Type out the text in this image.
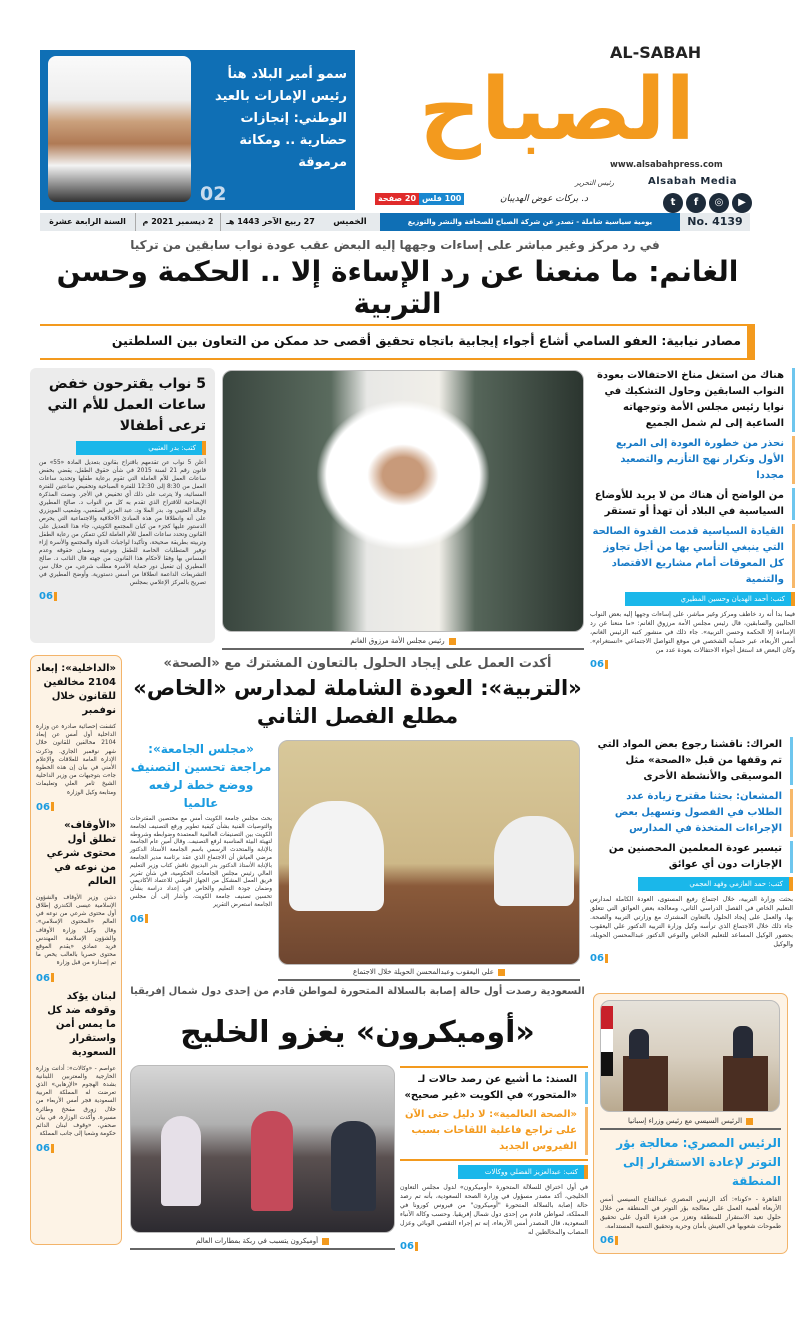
سمو أمير البلاد هنأ رئيس الإمارات بالعيد الوطني: إنجازات حضارية .. ومكانة مرموقة
02
AL-SABAH
الصباح
www.alsabahpress.com
Alsabah Media
▶◎ft
رئيس التحرير
د. بركات عوض الهديبان
20 صفحة 100 فلس
No. 4139
يومية سياسية شاملة - تصدر عن شركة الصباح للصحافة والنشر والتوزيع
الخميس
27 ربيع الآخر 1443 هـ
2 ديسمبر 2021 م
السنة الرابعة عشرة
في رد مركز وغير مباشر على إساءات وجهها إليه البعض عقب عودة نواب سابقين من تركيا
الغانم: ما منعنا عن رد الإساءة إلا .. الحكمة وحسن التربية
مصادر نيابية: العفو السامي أشاع أجواء إيجابية باتجاه تحقيق أقصى حد ممكن من التعاون بين السلطتين
هناك من استغل مناخ الاحتفالات بعودة النواب السابقين وحاول التشكيك في نوايا رئيس مجلس الأمة وتوجهاته الساعية إلى لم شمل الجميع
نحذر من خطورة العودة إلى المربع الأول وتكرار نهج التأزيم والتصعيد مجددا
من الواضح أن هناك من لا يريد للأوضاع السياسية في البلاد أن تهدأ أو تستقر
القيادة السياسية قدمت القدوة الصالحة التي ينبغي التأسي بها من أجل تجاوز كل المعوقات أمام مشاريع الاقتصاد والتنمية
كتب: أحمد الهديان وحسين المطيري
فيما بدا أنه رد خاطف ومركز وغير مباشر، على إساءات وجهها إليه بعض النواب الحاليين والسابقين، قال رئيس مجلس الأمة مرزوق الغانم: «ما منعنا عن رد الإساءة إلا الحكمة وحسن التربية». جاء ذلك في منشور كتبه الرئيس الغانم، أمس الأربعاء، عبر حسابه الشخصي في موقع التواصل الاجتماعي «انستغرام». وكان البعض قد استغل أجواء الاحتفالات بعودة عدد من
06
رئيس مجلس الأمة مرزوق الغانم
5 نواب يقترحون خفض ساعات العمل للأم التي ترعى أطفالا
كتب: بدر العتيبي
أعلن 5 نواب عن تقدمهم باقتراح بقانون بتعديل المادة «55» من قانون رقم 21 لسنة 2015 في شأن حقوق الطفل، يقضي بخفض ساعات العمل للأم العاملة التي تقوم برعاية طفلها وتحديد ساعات العمل من 8:30 إلى 12:30 للفترة الصباحية وتخفيض ساعتين للفترة المسائية، ولا يترتب على ذلك أي تخفيض في الأجر. ونصت المذكرة الإيضاحية للاقتراح الذي تقدم به كل من النواب د. صالح المطيري وخالد العتيبي ود. بدر الملا ود. عبد العزيز الصقعبي، وشعيب المويزري على أنه وانطلاقا من هذه المبادئ الأخلاقية والاجتماعية التي يحرص الدستور عليها كجزء من كيان المجتمع الكويتي، جاء هذا التعديل على القانون وتحدد ساعات العمل للأم العاملة لكي تتمكن من رعاية الطفل وتربيته بطريقة صحيحة، وتأكيدا لواجبات الدولة والمجتمع والأسرة إزاء توفير المتطلبات الخاصة للطفل ونوعيته وضمان حقوقه وعدم المساس بها وفقا لأحكام هذا القانون. من جهته قال النائب د. صالح المطيري إن تفعيل دور حماية الأسرة مطلب شرعي، من خلال سن التشريعات الداعمة انطلاقا من أسس دستورية. وأوضح المطيري في تصريح بالمركز الإعلامي بمجلس
06
أكدت العمل على إيجاد الحلول بالتعاون المشترك مع «الصحة»
«التربية»: العودة الشاملة لمدارس «الخاص» مطلع الفصل الثاني
العراك: ناقشنا رجوع بعض المواد التي تم وقفها من قبل «الصحة» مثل الموسيقى والأنشطة الأخرى
المشعان: بحثنا مقترح زيادة عدد الطلاب في الفصول وتسهيل بعض الإجراءات المتخذة في المدارس
تيسير عودة المعلمين المحصنين من الإجازات دون أي عوائق
كتب: حمد العازمي وفهد العجمي
بحثت وزارة التربية، خلال اجتماع رفيع المستوى، العودة الكاملة لمدارس التعليم الخاص في الفصل الدراسي الثاني، ومعالجة بعض العوائق التي تتعلق بها، والعمل على إيجاد الحلول بالتعاون المشترك مع وزارتي التربية والصحة. جاء ذلك خلال الاجتماع الذي ترأسه وكيل وزارة التربية الدكتور علي اليعقوب بحضور الوكيل المساعد للتعليم الخاص والنوعي الدكتور عبدالمحسن الحويلة، والوكيل
06
علي اليعقوب وعبدالمحسن الحويلة خلال الاجتماع
«مجلس الجامعة»: مراجعة تحسين التصنيف ووضع خطة لرفعه عالميا
بحث مجلس جامعة الكويت أمس مع مختصين المقترحات والتوصيات الفنية بشأن كيفية تطوير ورفع التصنيف لجامعة الكويت بين التصنيفات العالمية المعتمدة وضوابطه وشروطه لتهيئة البيئة المناسبة لرفع التصنيف. وقال أمين عام الجامعة بالإنابة والمتحدث الرسمي باسم الجامعة الأستاذ الدكتور مرضي العياش أن الاجتماع الذي عقد برئاسة مدير الجامعة بالإنابة الأستاذ الدكتور بدر البديوي ناقش كتاب وزير التعليم العالي رئيس مجلس الجامعات الحكومية، في شأن تقرير فريق العمل المشكل من الجهاز الوطني للاعتماد الأكاديمي وضمان جودة التعليم والخاص في إعداد دراسة بشأن تحسين تصنيف جامعة الكويت. وأشار إلى أن مجلس الجامعة استعرض التقرير
06
«الداخلية»: إبعاد 2104 مخالفين للقانون خلال نوفمبر
كشفت إحصائية صادرة عن وزارة الداخلية أول أمس عن إبعاد 2104 مخالفين للقانون خلال شهر نوفمبر الجاري. وذكرت الإدارة العامة للعلاقات والإعلام الأمني في بيان إن هذه الخطوة جاءت بتوجيهات من وزير الداخلية الشيخ ثامر العلي وتعليمات ومتابعة وكيل الوزارة
06
«الأوقاف» تطلق أول محتوى شرعي من نوعه في العالم
دشن وزير الأوقاف والشؤون الإسلامية عيسى الكندري إطلاق أول محتوى شرعي من نوعه في العالم «المحتوى الإسلامي». وقال وكيل وزارة الأوقاف والشؤون الإسلامية المهندس فريد عمادي «يقدم الموقع محتوى حصريا بالغالب يخص ما تم إصداره من قبل وزارة
06
لبنان يؤكد وقوفه ضد كل ما يمس أمن واستقرار السعودية
عواصم - «وكالات»: أدانت وزارة الخارجية والمغتربين اللبنانية بشدة الهجوم «الإرهابي» الذي تعرضت له المملكة العربية السعودية فجر أمس الأربعاء من خلال زورق مفخخ وطائرة مسيرة. وأكدت الوزارة، في بيان صحفي، «وقوف لبنان الدائم حكومة وشعبا إلى جانب المملكة
06
السعودية رصدت أول حالة إصابة بالسلالة المتحورة لمواطن قادم من إحدى دول شمال إفريقيا
«أوميكرون» يغزو الخليج
أوميكرون يتسبب في ربكة بمطارات العالم
السند: ما أشيع عن رصد حالات لـ «المتحور» في الكويت «غير صحيح»
«الصحة العالمية»: لا دليل حتى الآن على تراجع فاعلية اللقاحات بسبب الفيروس الجديد
كتب: عبدالعزيز الفضلي ووكالات
في أول اختراق للسلالة المتحورة «أوميكرون» لدول مجلس التعاون الخليجي، أكد مصدر مسؤول في وزارة الصحة السعودية، بأنه تم رصد حالة إصابة بالسلالة المتحورة "أوميكرون" من فيروس كورونا في المملكة، لمواطن قادم من إحدى دول شمال إفريقيا. وحسب وكالة الأنباء السعودية، قال المصدر أمس الأربعاء، إنه تم إجراء التقصي الوبائي وعزل المصاب والمخالطين له
06
الرئيس السيسي مع رئيس وزراء إسبانيا
الرئيس المصري: معالجة بؤر التوتر لإعادة الاستقرار إلى المنطقة
القاهرة - «كونا»: أكد الرئيس المصري عبدالفتاح السيسي أمس الأربعاء أهمية العمل على معالجة بؤر التوتر في المنطقة من خلال حلول تعيد الاستقرار للمنطقة وتعزز من قدرة الدول على تحقيق طموحات شعوبها في العيش بأمان وحرية وتحقيق التنمية المستدامة.
06
